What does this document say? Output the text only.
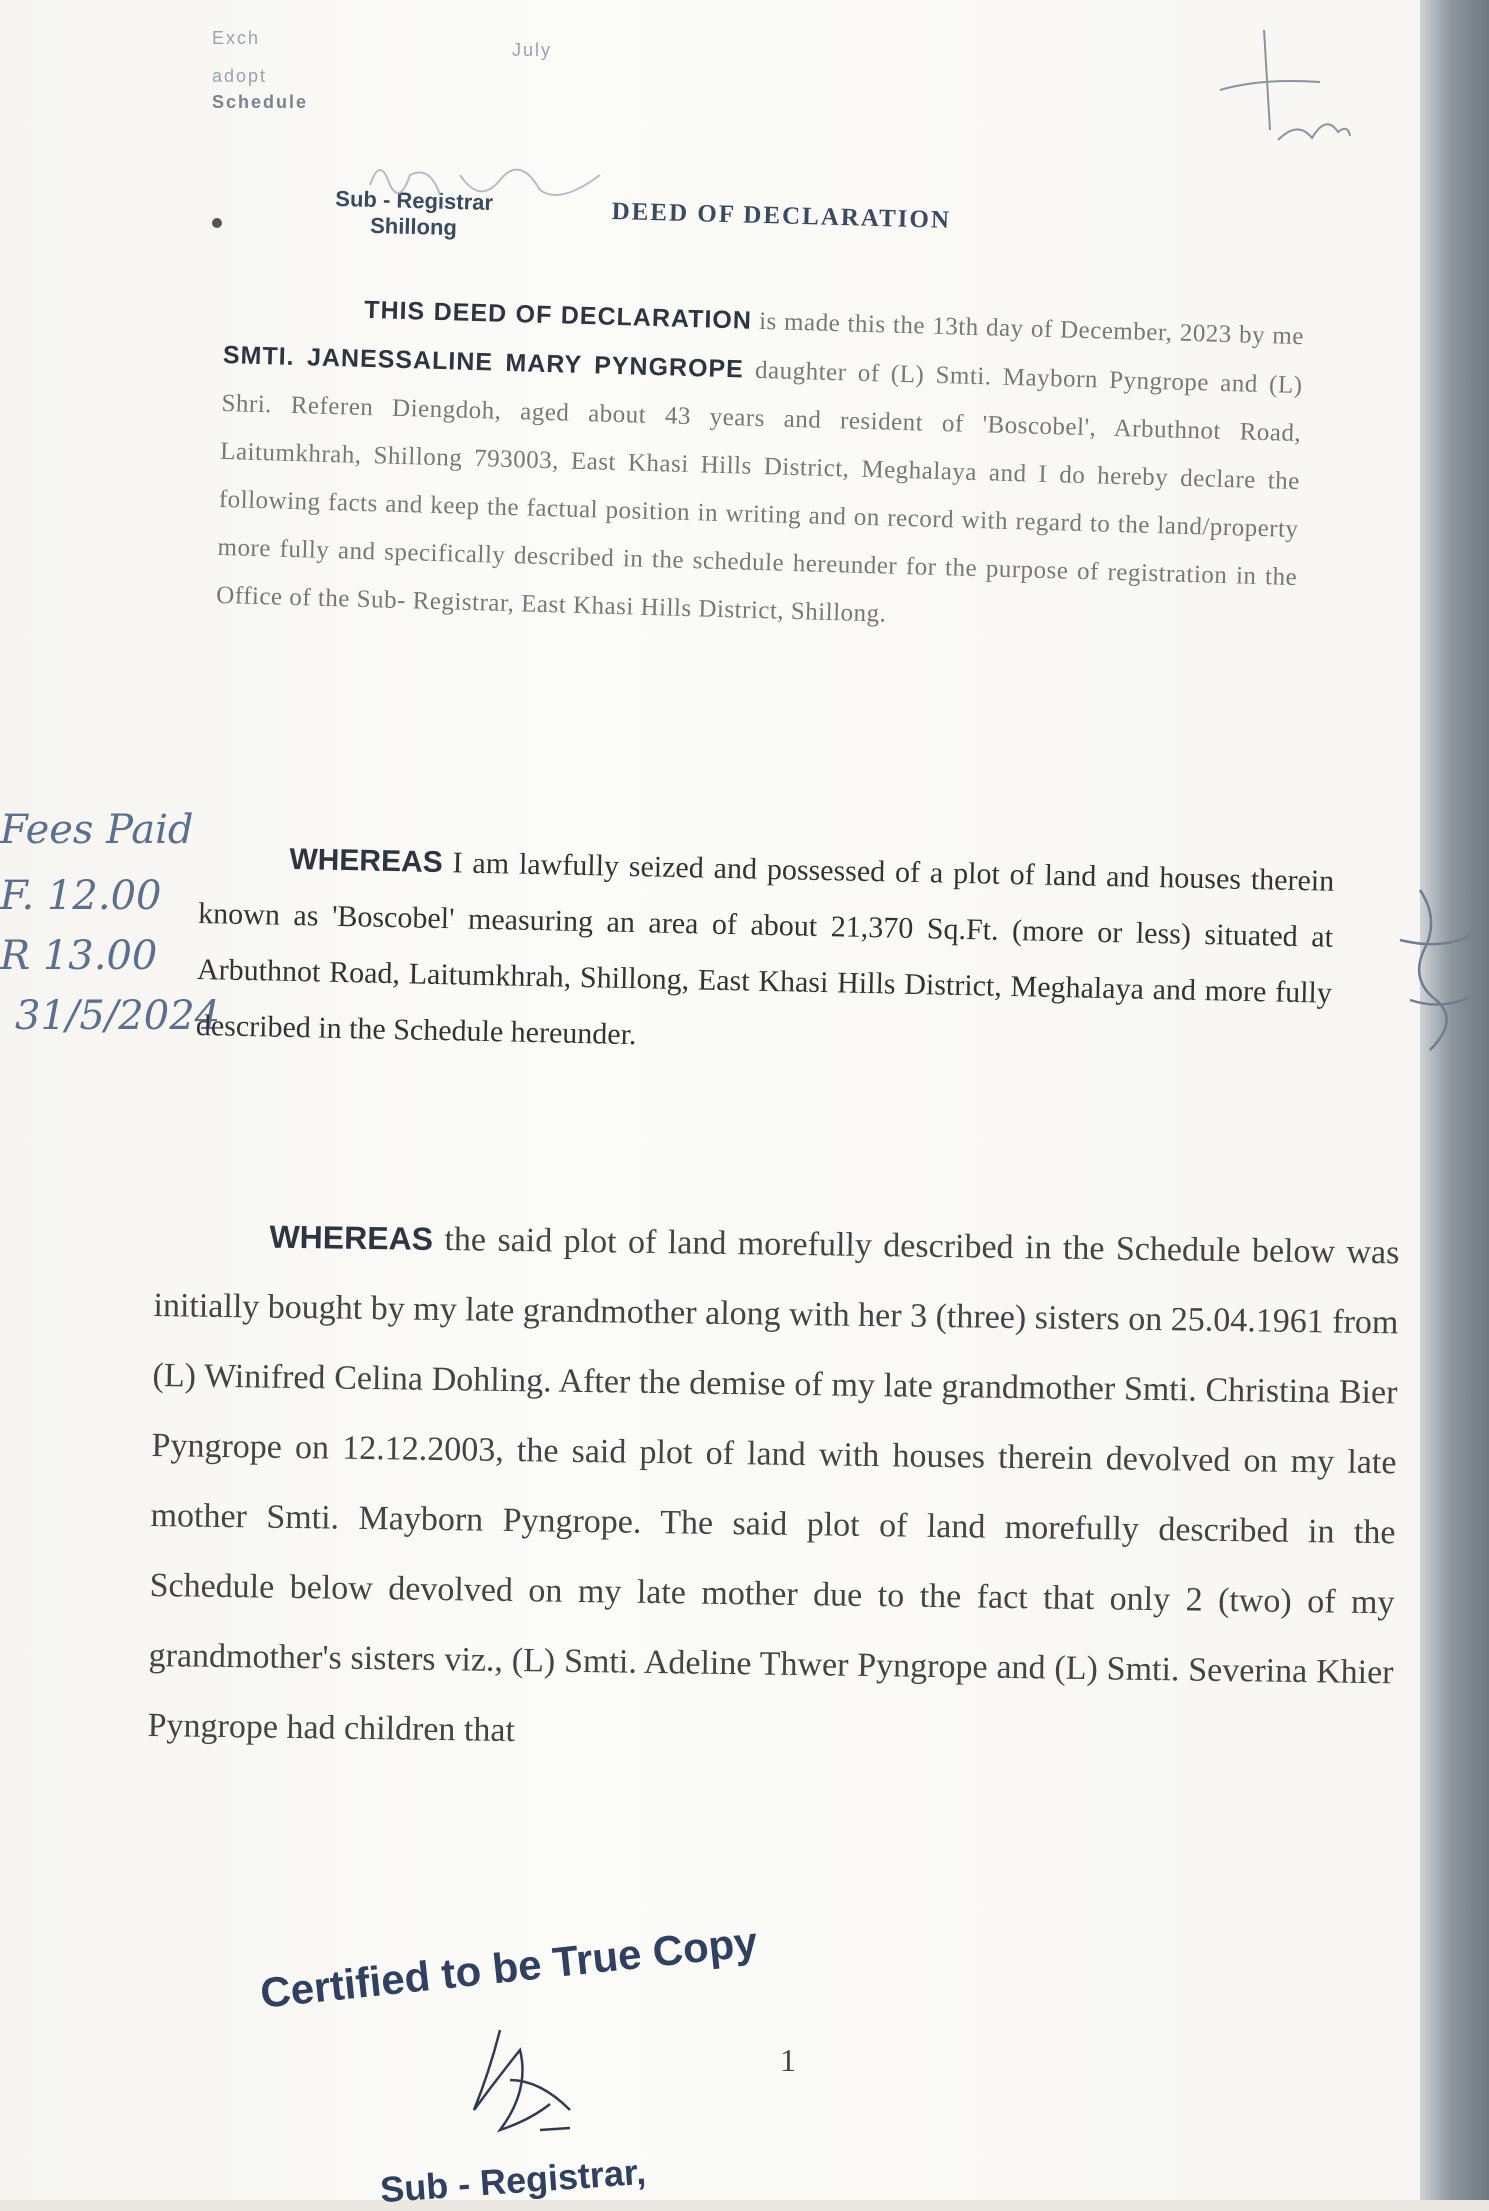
Exch
July
adopt
Schedule
Sub - Registrar
Shillong	DEED OF DECLARATION
THIS DEED OF DECLARATION is made this the 13th day of December, 2023 by me SMTI. JANESSALINE MARY PYNGROPE daughter of (L) Smti. Mayborn Pyngrope and (L) Shri. Referen Diengdoh, aged about 43 years and resident of 'Boscobel', Arbuthnot Road, Laitumkhrah, Shillong 793003, East Khasi Hills District, Meghalaya and I do hereby declare the following facts and keep the factual position in writing and on record with regard to the land/property more fully and specifically described in the schedule hereunder for the purpose of registration in the Office of the Sub- Registrar, East Khasi Hills District, Shillong.
Fees Paid
F. 12.00
R 13.00
31/5/2024
WHEREAS I am lawfully seized and possessed of a plot of land and houses therein known as 'Boscobel' measuring an area of about 21,370 Sq.Ft. (more or less) situated at Arbuthnot Road, Laitumkhrah, Shillong, East Khasi Hills District, Meghalaya and more fully described in the Schedule hereunder.
WHEREAS the said plot of land morefully described in the Schedule below was initially bought by my late grandmother along with her 3 (three) sisters on 25.04.1961 from (L) Winifred Celina Dohling. After the demise of my late grandmother Smti. Christina Bier Pyngrope on 12.12.2003, the said plot of land with houses therein devolved on my late mother Smti. Mayborn Pyngrope. The said plot of land morefully described in the Schedule below devolved on my late mother due to the fact that only 2 (two) of my grandmother's sisters viz., (L) Smti. Adeline Thwer Pyngrope and (L) Smti. Severina Khier Pyngrope had children that
Certified to be True Copy
1
Sub - Registrar,
